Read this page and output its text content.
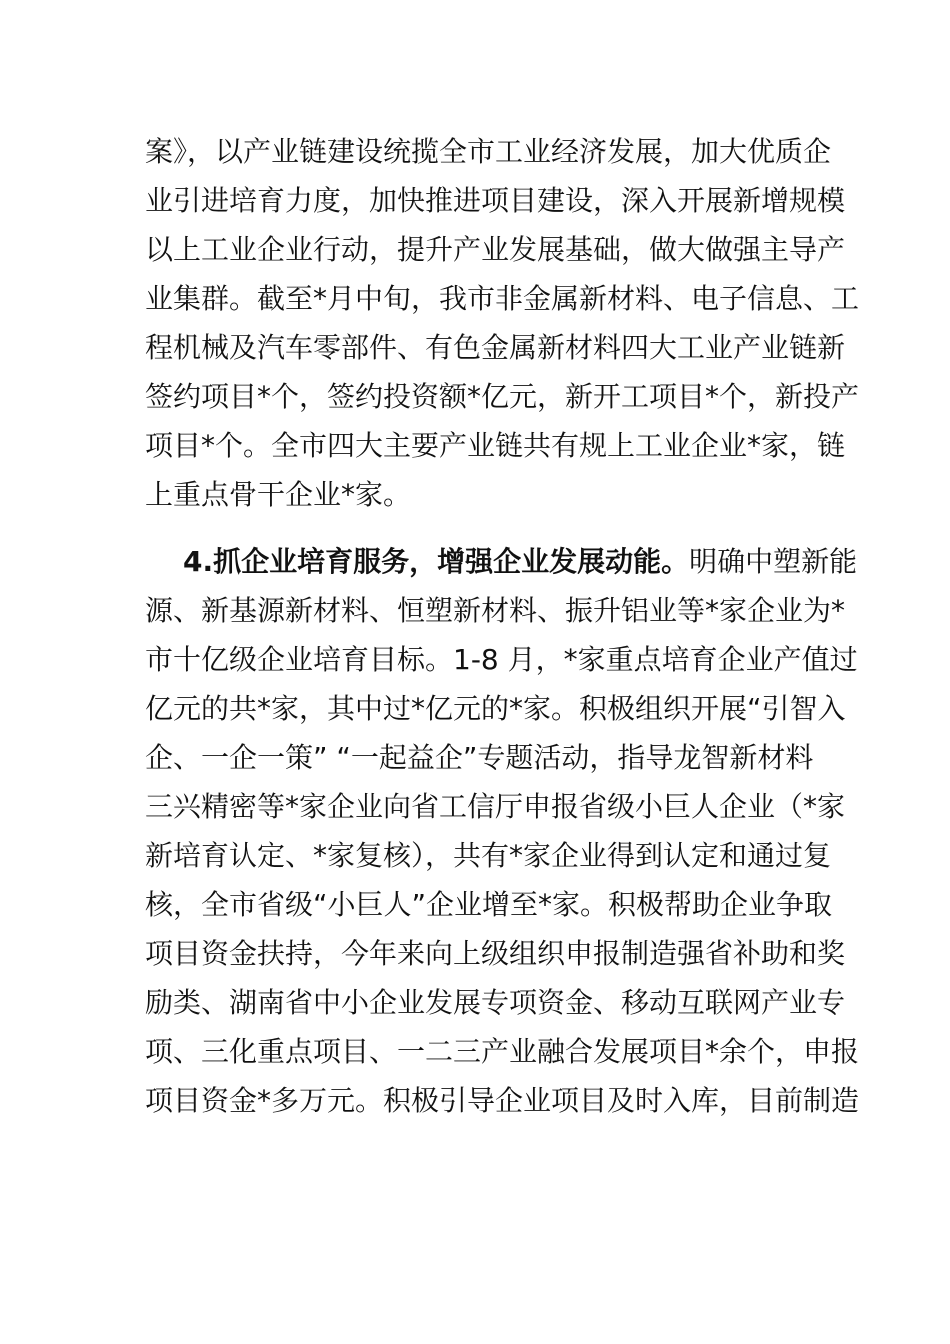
案》，以产业链建设统揽全市工业经济发展，加大优质企
业引进培育力度，加快推进项目建设，深入开展新增规模
以上工业企业行动，提升产业发展基础，做大做强主导产
业集群。截至*月中旬，我市非金属新材料、电子信息、工
程机械及汽车零部件、有色金属新材料四大工业产业链新
签约项目*个，签约投资额*亿元，新开工项目*个，新投产
项目*个。全市四大主要产业链共有规上工业企业*家，链
上重点骨干企业*家。
4.抓企业培育服务，增强企业发展动能。 明确中塑新能
源、新基源新材料、恒塑新材料、振升铝业等*家企业为*
市十亿级企业培育目标。1-8 月，*家重点培育企业产值过
亿元的共*家，其中过*亿元的*家。积极组织开展“引智入
企、一企一策” “一起益企”专题活动，指导龙智新材料
三兴精密等*家企业向省工信厅申报省级小巨人企业（*家
新培育认定、*家复核），共有*家企业得到认定和通过复
核，全市省级“小巨人”企业增至*家。积极帮助企业争取
项目资金扶持，今年来向上级组织申报制造强省补助和奖
励类、湖南省中小企业发展专项资金、移动互联网产业专
项、三化重点项目、一二三产业融合发展项目*余个，申报
项目资金*多万元。积极引导企业项目及时入库，目前制造
